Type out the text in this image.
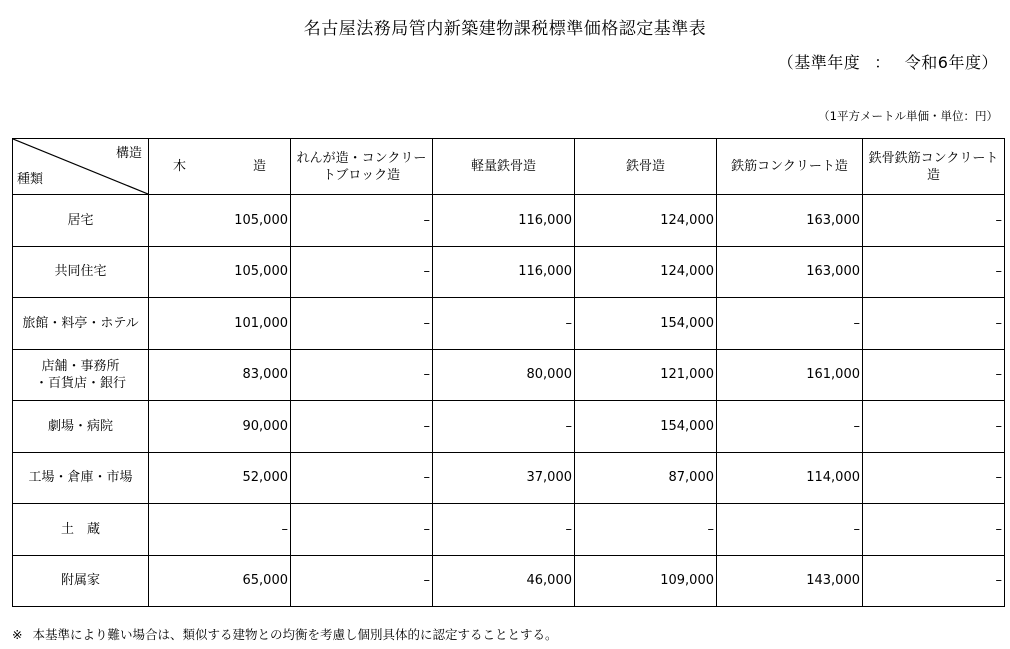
名古屋法務局管内新築建物課税標準価格認定基準表
（基準年度 ： 令和6年度）
（1平方メートル単価・単位：円）
構造
種類	木 造	れんが造・コンクリートブロック造	軽量鉄骨造	鉄骨造	鉄筋コンクリート造	鉄骨鉄筋コンクリート造
居宅	105,000	–	116,000	124,000	163,000	–
共同住宅	105,000	–	116,000	124,000	163,000	–
旅館・料亭・ホテル	101,000	–	–	154,000	–	–

店舗・事務所
・百貨店・銀行	83,000	–	80,000	121,000	161,000	–
劇場・病院	90,000	–	–	154,000	–	–
工場・倉庫・市場	52,000	–	37,000	87,000	114,000	–
土　蔵	–	–	–	–	–	–
附属家	65,000	–	46,000	109,000	143,000	–
※ 本基準により難い場合は、類似する建物との均衡を考慮し個別具体的に認定することとする。
